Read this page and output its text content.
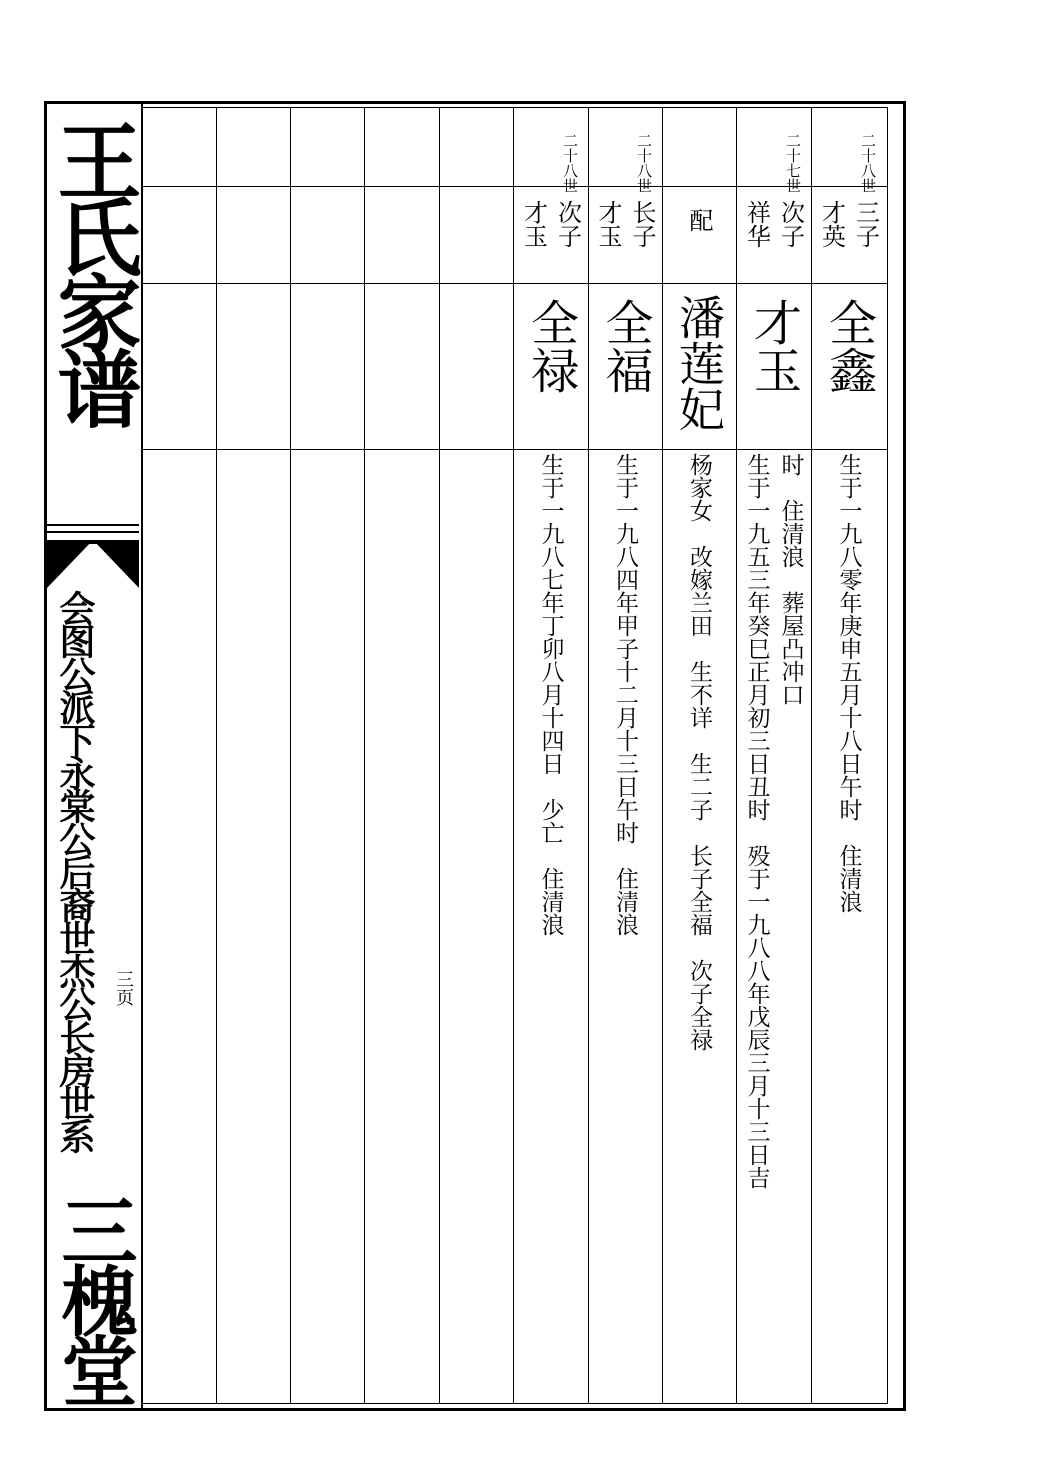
王氏家谱
会图公派下永棠公后裔世杰公长房世系 三页
三槐堂
二十八世
才英 三子
全鑫
生于一九八零年庚申五月十八日午时　住清浪
二十七世
祥华 次子
才玉
生于一九五三年癸巳正月初三日丑时　殁于一九八八年戊辰三月十三日吉 时　住清浪　葬屋凸冲口
配
潘莲妃
杨家女　改嫁兰田　生不详　生二子　长子全福　次子全禄
二十八世
才玉 长子
全福
生于一九八四年甲子十二月十三日午时　住清浪
二十八世
才玉 次子
全禄
生于一九八七年丁卯八月十四日　少亡　住清浪
